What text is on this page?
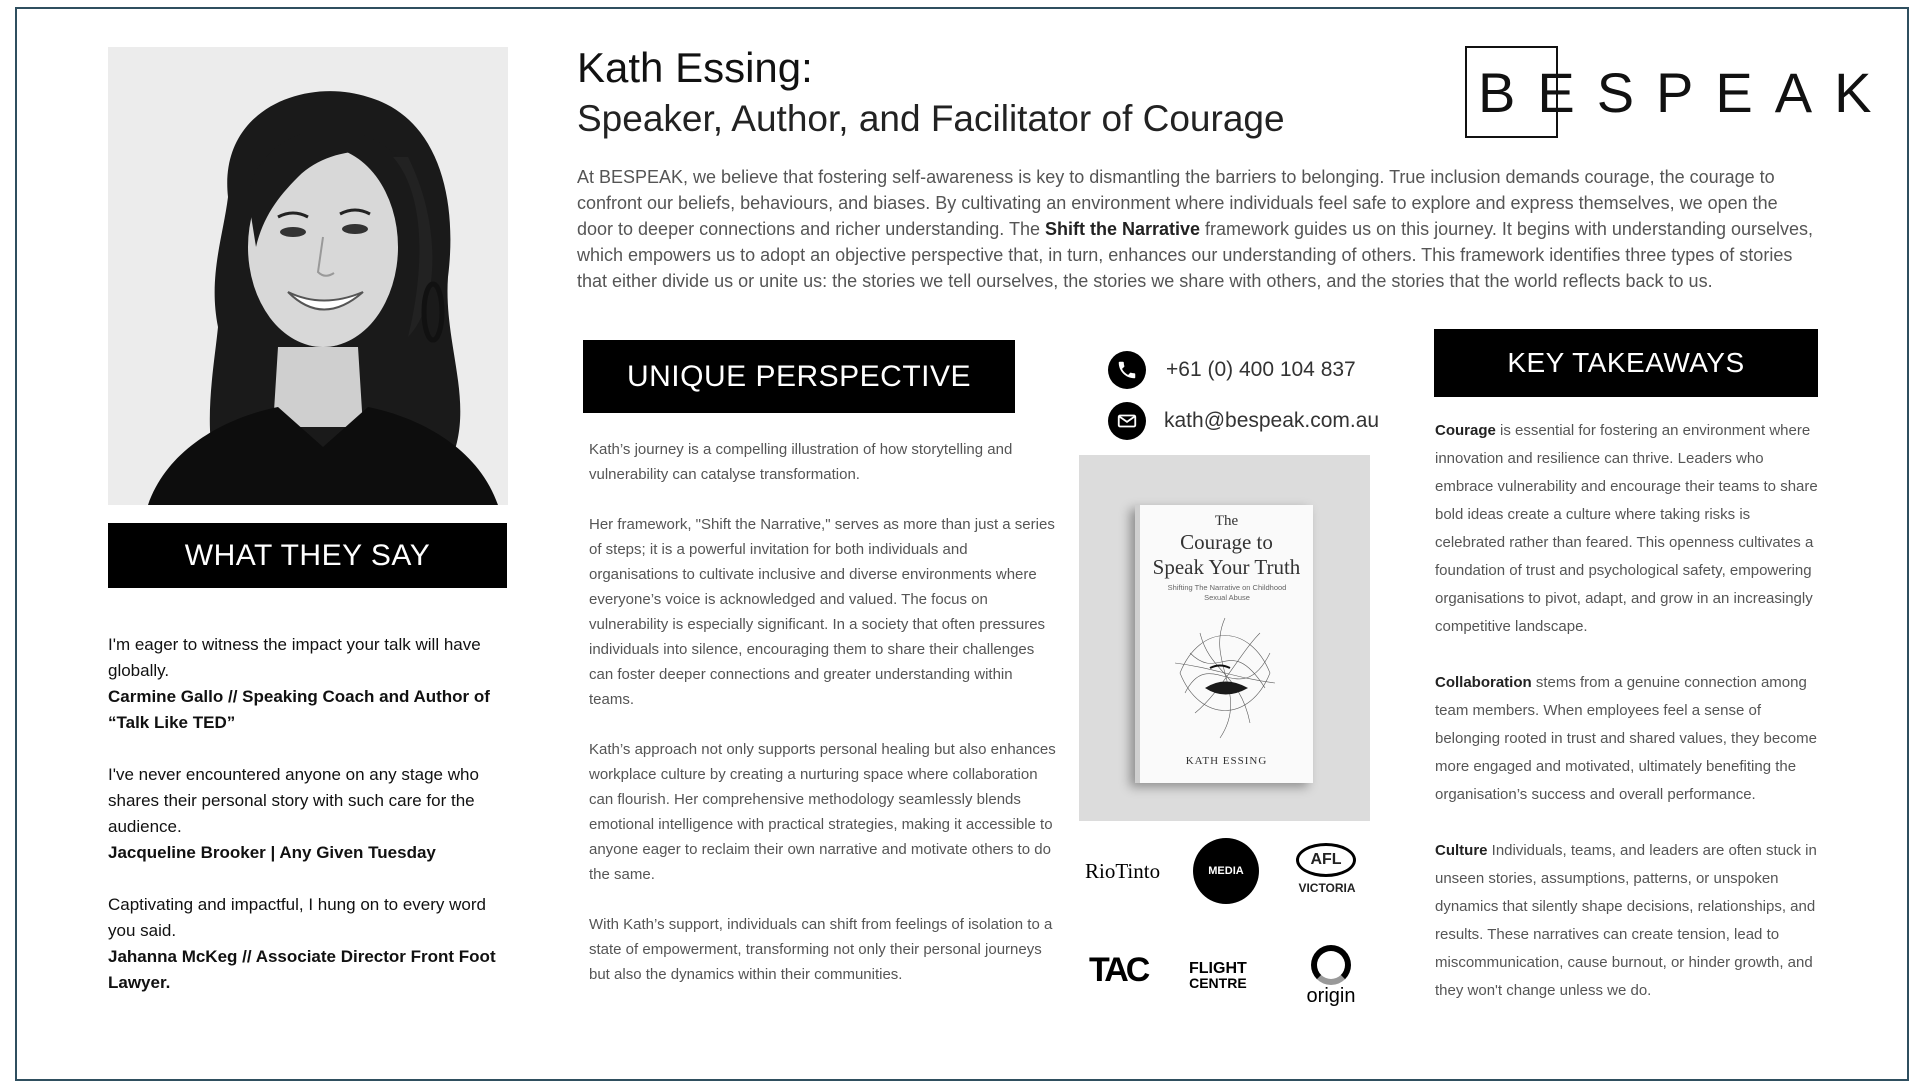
WHAT THEY SAY

I'm eager to witness the impact your talk will have globally.

Carmine Gallo // Speaking Coach and Author of “Talk Like TED”

I've never encountered anyone on any stage who shares their personal story with such care for the audience.

Jacqueline Brooker | Any Given Tuesday

Captivating and impactful, I hung on to every word you said.

Jahanna McKeg // Associate Director Front Foot Lawyer.

Kath Essing:
Speaker, Author, and Facilitator of Courage	BESPEAK
At BESPEAK, we believe that fostering self-awareness is key to dismantling the barriers to belonging. True inclusion demands courage, the courage to confront our beliefs, behaviours, and biases. By cultivating an environment where individuals feel safe to explore and express themselves, we open the door to deeper connections and richer understanding. The Shift the Narrative framework guides us on this journey. It begins with understanding ourselves, which empowers us to adopt an objective perspective that, in turn, enhances our understanding of others. This framework identifies three types of stories that either divide us or unite us: the stories we tell ourselves, the stories we share with others, and the stories that the world reflects back to us.
UNIQUE PERSPECTIVE

Kath’s journey is a compelling illustration of how storytelling and vulnerability can catalyse transformation.

Her framework, "Shift the Narrative," serves as more than just a series of steps; it is a powerful invitation for both individuals and organisations to cultivate inclusive and diverse environments where everyone’s voice is acknowledged and valued. The focus on vulnerability is especially significant. In a society that often pressures individuals into silence, encouraging them to share their challenges can foster deeper connections and greater understanding within teams.

Kath’s approach not only supports personal healing but also enhances workplace culture by creating a nurturing space where collaboration can flourish. Her comprehensive methodology seamlessly blends emotional intelligence with practical strategies, making it accessible to anyone eager to reclaim their own narrative and motivate others to do the same.

With Kath’s support, individuals can shift from feelings of isolation to a state of empowerment, transforming not only their personal journeys but also the dynamics within their communities.

+61 (0) 400 104 837
kath@bespeak.com.au
The
Courage to
Speak Your Truth
Shifting The Narrative on Childhood Sexual Abuse
KATH ESSING
RioTinto	MEDIA
AFL
VICTORIA
TAC	FLIGHT
CENTRE
origin
KEY TAKEAWAYS

Courage is essential for fostering an environment where innovation and resilience can thrive. Leaders who embrace vulnerability and encourage their teams to share bold ideas create a culture where taking risks is celebrated rather than feared. This openness cultivates a foundation of trust and psychological safety, empowering organisations to pivot, adapt, and grow in an increasingly competitive landscape.

Collaboration stems from a genuine connection among team members. When employees feel a sense of belonging rooted in trust and shared values, they become more engaged and motivated, ultimately benefiting the organisation’s success and overall performance.

Culture Individuals, teams, and leaders are often stuck in unseen stories, assumptions, patterns, or unspoken dynamics that silently shape decisions, relationships, and results. These narratives can create tension, lead to miscommunication, cause burnout, or hinder growth, and they won't change unless we do.
